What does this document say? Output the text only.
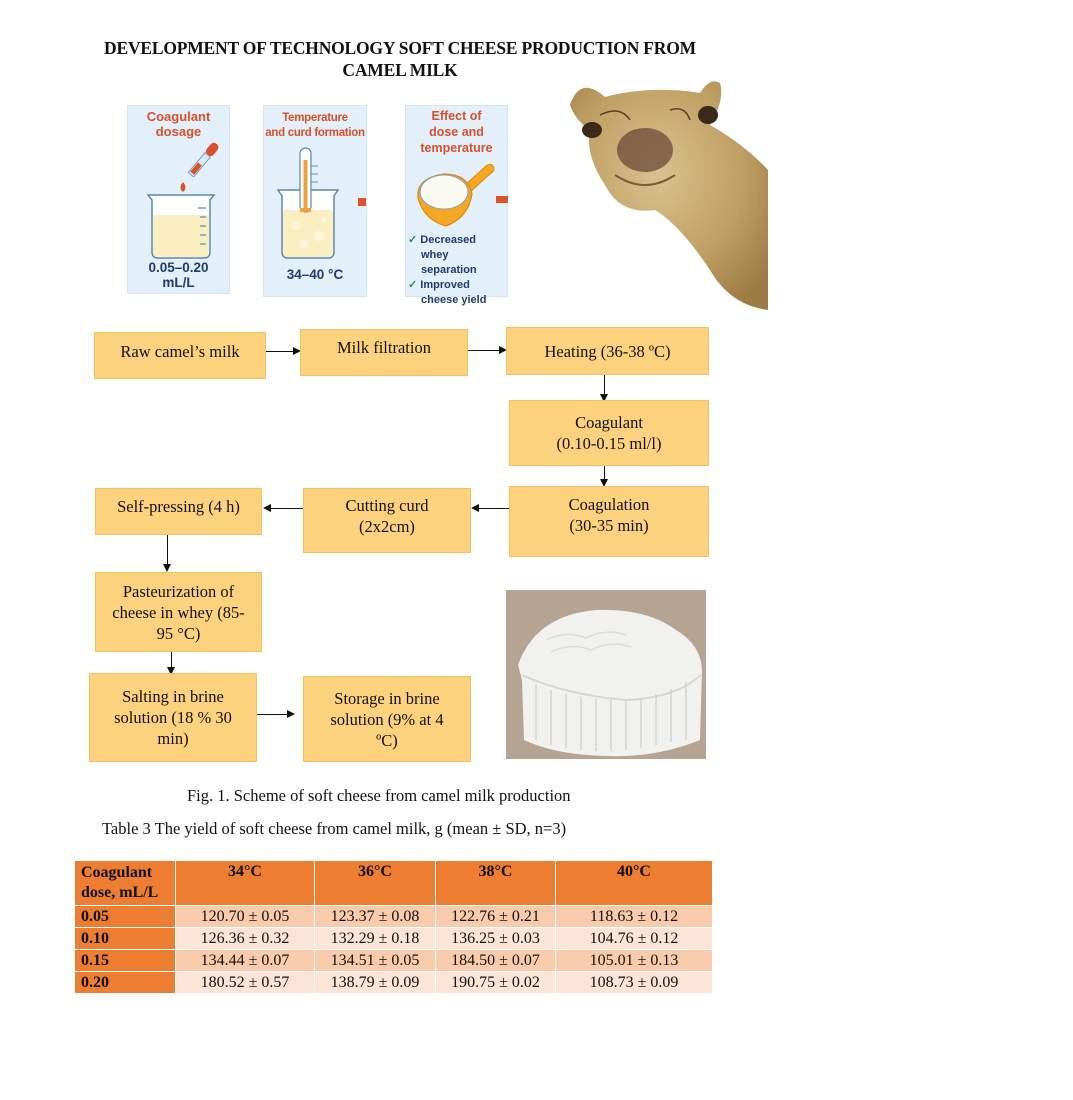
DEVELOPMENT OF TECHNOLOGY SOFT CHEESE PRODUCTION FROM
CAMEL MILK
Coagulant
dosage
0.05–0.20
mL/L
Temperature
and curd formation
34–40 °C
Effect of
dose and
temperature
✓ Decreased
whey separation
✓ Improved
cheese yield
Raw camel’s milk	Milk filtration	Heating (36-38 ºC)
Coagulant
(0.10-0.15 ml/l)
Coagulation
(30-35 min)
Cutting curd
(2x2cm)
Self-pressing (4 h)
Pasteurization of
cheese in whey (85-
95 °C)
Salting in brine
solution (18 % 30
min)
Storage in brine
solution (9% at 4
ºC)
Fig. 1. Scheme of soft cheese from camel milk production
Table 3 The yield of soft cheese from camel milk, g (mean ± SD, n=3)
Coagulant
dose, mL/L	34°C	36°C	38°C	40°C
0.05	120.70 ± 0.05	123.37 ± 0.08	122.76 ± 0.21	118.63 ± 0.12
0.10	126.36 ± 0.32	132.29 ± 0.18	136.25 ± 0.03	104.76 ± 0.12
0.15	134.44 ± 0.07	134.51 ± 0.05	184.50 ± 0.07	105.01 ± 0.13
0.20	180.52 ± 0.57	138.79 ± 0.09	190.75 ± 0.02	108.73 ± 0.09
